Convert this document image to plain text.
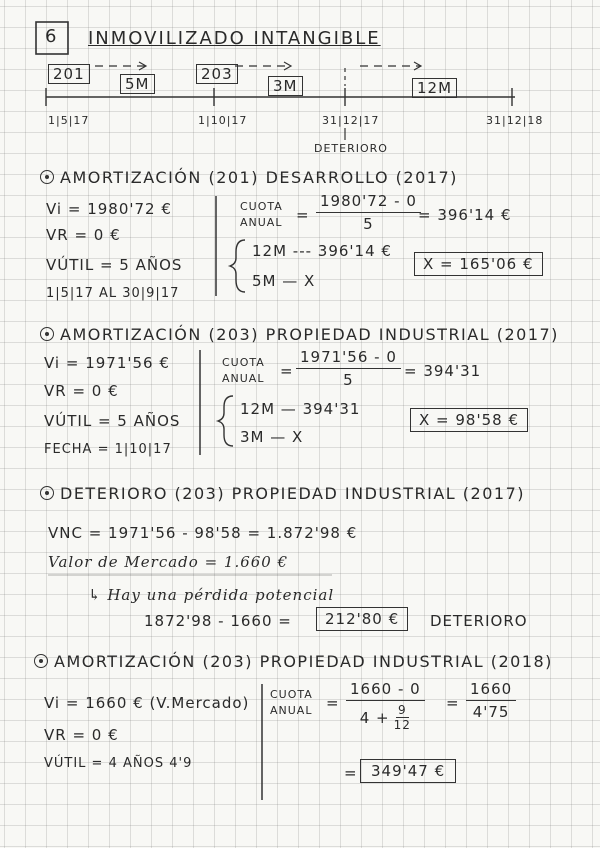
6 INMOVILIZADO INTANGIBLE
201	203
5M	3M	12M
1|5|17	1|10|17	31|12|17	31|12|18
DETERIORO
AMORTIZACIÓN (201) DESARROLLO (2017)
Vi = 1980'72 €
VR = 0 €
VÚTIL = 5 AÑOS
1|5|17 AL 30|9|17
CUOTA
ANUAL = $\frac{1980'72 - 0}{5}$
= 396'14 €
12M --- 396'14 €
5M — X
X = 165'06 €
AMORTIZACIÓN (203) PROPIEDAD INDUSTRIAL (2017)
Vi = 1971'56 €
VR = 0 €
VÚTIL = 5 AÑOS
FECHA = 1|10|17
CUOTA
ANUAL = $\frac{1971'56 - 0}{5} = 394'31$
12M — 394'31
3M — X
X = 98'58 €
DETERIORO (203) PROPIEDAD INDUSTRIAL (2017)
VNC = 1971'56 - 98'58 = 1.872'98 €
Valor de Mercado = 1.660 €
↳ Hay una pérdida potencial
1872'98 - 1660 =	212'80 €	DETERIORO
AMORTIZACIÓN (203) PROPIEDAD INDUSTRIAL (2018)
Vi = 1660 € (V.Mercado)
VR = 0 €
VÚTIL = 4 AÑOS 4'9
CUOTA
ANUAL = $\frac{1660 - 0}{4 + \frac{9}{12}} = \frac{1660}{4'75}$
= 349'47 €
